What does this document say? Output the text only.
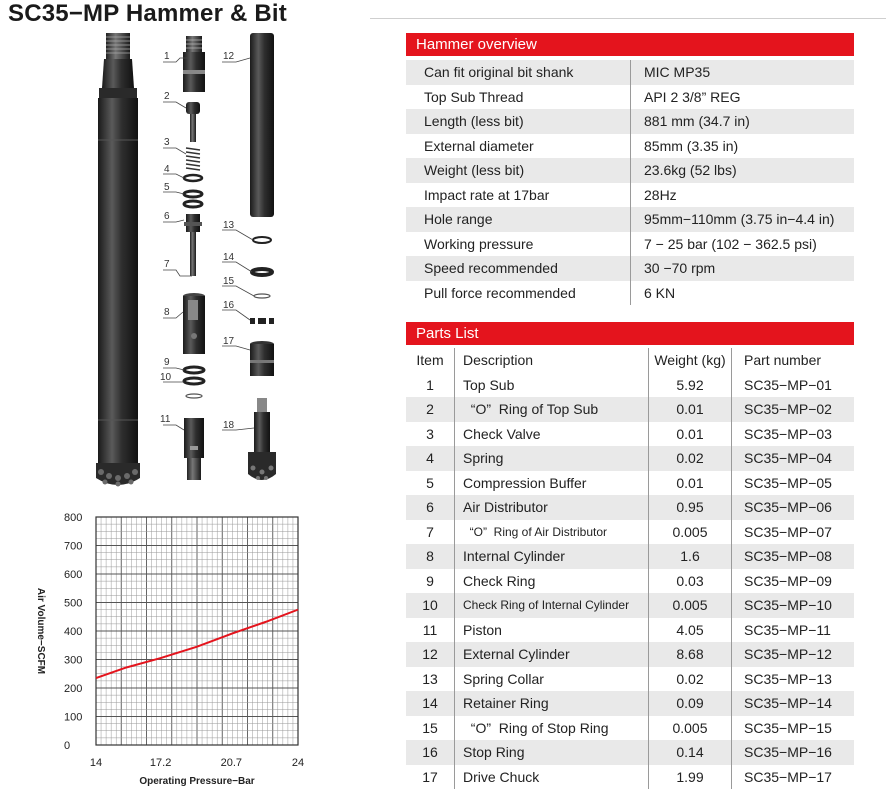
SC35−MP Hammer & Bit
1
2
3
4
5
6
7
8
9
10
11
12
13
14
15
16
17
18
0
100
200
300
400
500
600
700
800
14	17.2	20.7	24
Operating Pressure−Bar
Air Volume−SCFM
Hammer overview
Can fit original bit shank	MIC MP35
Top Sub Thread	API 2 3/8” REG
Length (less bit)	881 mm (34.7 in)
External diameter	85mm (3.35 in)
Weight (less bit)	23.6kg (52 lbs)
Impact rate at 17bar	28Hz
Hole range	95mm−110mm (3.75 in−4.4 in)
Working pressure	7 − 25 bar (102 − 362.5 psi)
Speed recommended	30 −70 rpm
Pull force recommended	6 KN
Parts List
Item	Description	Weight (kg)	Part number
1	Top Sub	5.92	SC35−MP−01
2	“O”  Ring of Top Sub	0.01	SC35−MP−02
3	Check Valve	0.01	SC35−MP−03
4	Spring	0.02	SC35−MP−04
5	Compression Buffer	0.01	SC35−MP−05
6	Air Distributor	0.95	SC35−MP−06
7	“O”  Ring of Air Distributor	0.005	SC35−MP−07
8	Internal Cylinder	1.6	SC35−MP−08
9	Check Ring	0.03	SC35−MP−09
10	Check Ring of Internal Cylinder	0.005	SC35−MP−10
11	Piston	4.05	SC35−MP−11
12	External Cylinder	8.68	SC35−MP−12
13	Spring Collar	0.02	SC35−MP−13
14	Retainer Ring	0.09	SC35−MP−14
15	“O”  Ring of Stop Ring	0.005	SC35−MP−15
16	Stop Ring	0.14	SC35−MP−16
17	Drive Chuck	1.99	SC35−MP−17
